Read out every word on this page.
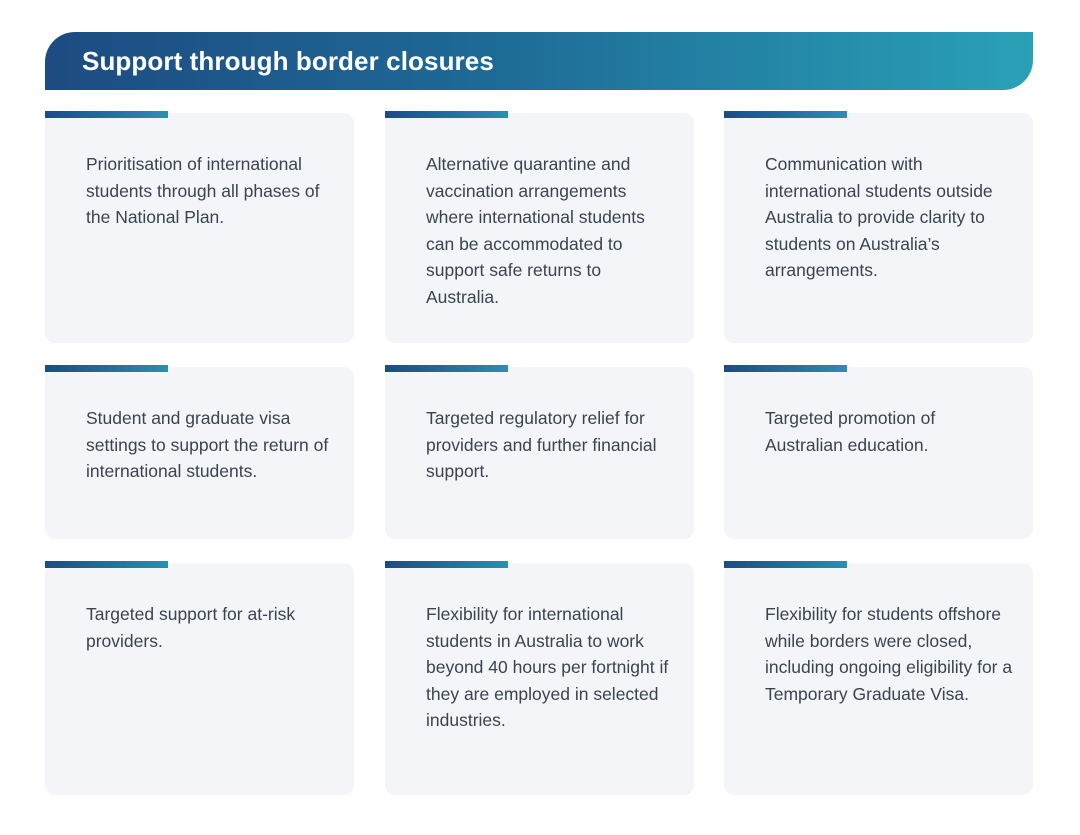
Support through border closures
Prioritisation of international students through all phases of the National Plan.
Alternative quarantine and vaccination arrangements where international students can be accommodated to support safe returns to Australia.
Communication with international students outside Australia to provide clarity to students on Australia’s arrangements.
Student and graduate visa settings to support the return of international students.
Targeted regulatory relief for providers and further financial support.
Targeted promotion of Australian education.
Targeted support for at-risk providers.
Flexibility for international students in Australia to work beyond 40 hours per fortnight if they are employed in selected industries.
Flexibility for students offshore while borders were closed, including ongoing eligibility for a Temporary Graduate Visa.
